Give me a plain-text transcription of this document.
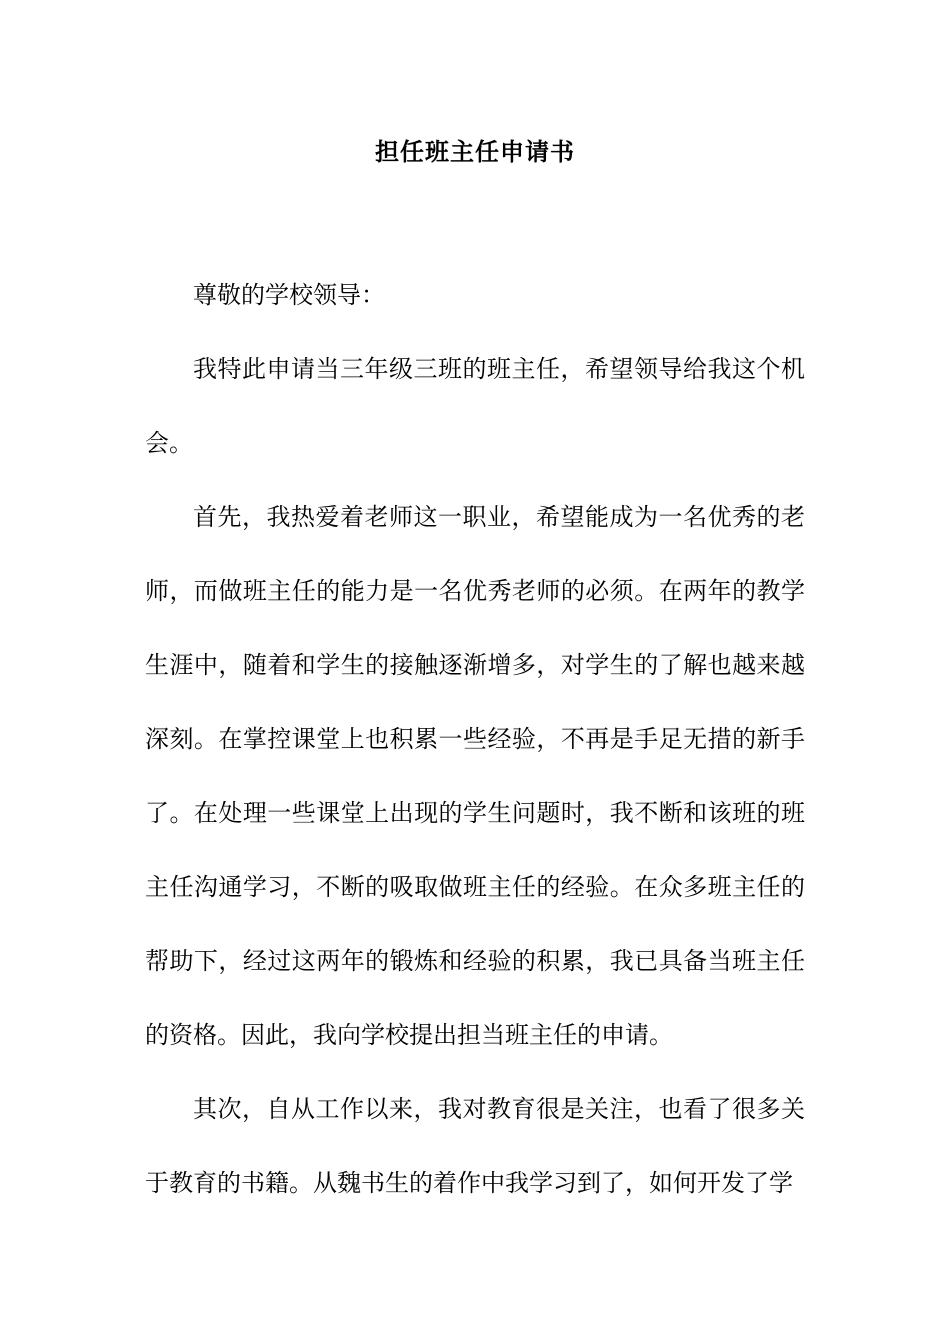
担任班主任申请书

尊敬的学校领导：

我特此申请当三年级三班的班主任，希望领导给我这个机会。

首先，我热爱着老师这一职业，希望能成为一名优秀的老师，而做班主任的能力是一名优秀老师的必须。在两年的教学生涯中，随着和学生的接触逐渐增多，对学生的了解也越来越深刻。在掌控课堂上也积累一些经验，不再是手足无措的新手了。在处理一些课堂上出现的学生问题时，我不断和该班的班主任沟通学习，不断的吸取做班主任的经验。在众多班主任的帮助下，经过这两年的锻炼和经验的积累，我已具备当班主任的资格。因此，我向学校提出担当班主任的申请。

其次，自从工作以来，我对教育很是关注，也看了很多关于教育的书籍。从魏书生的着作中我学习到了，如何开发了学
